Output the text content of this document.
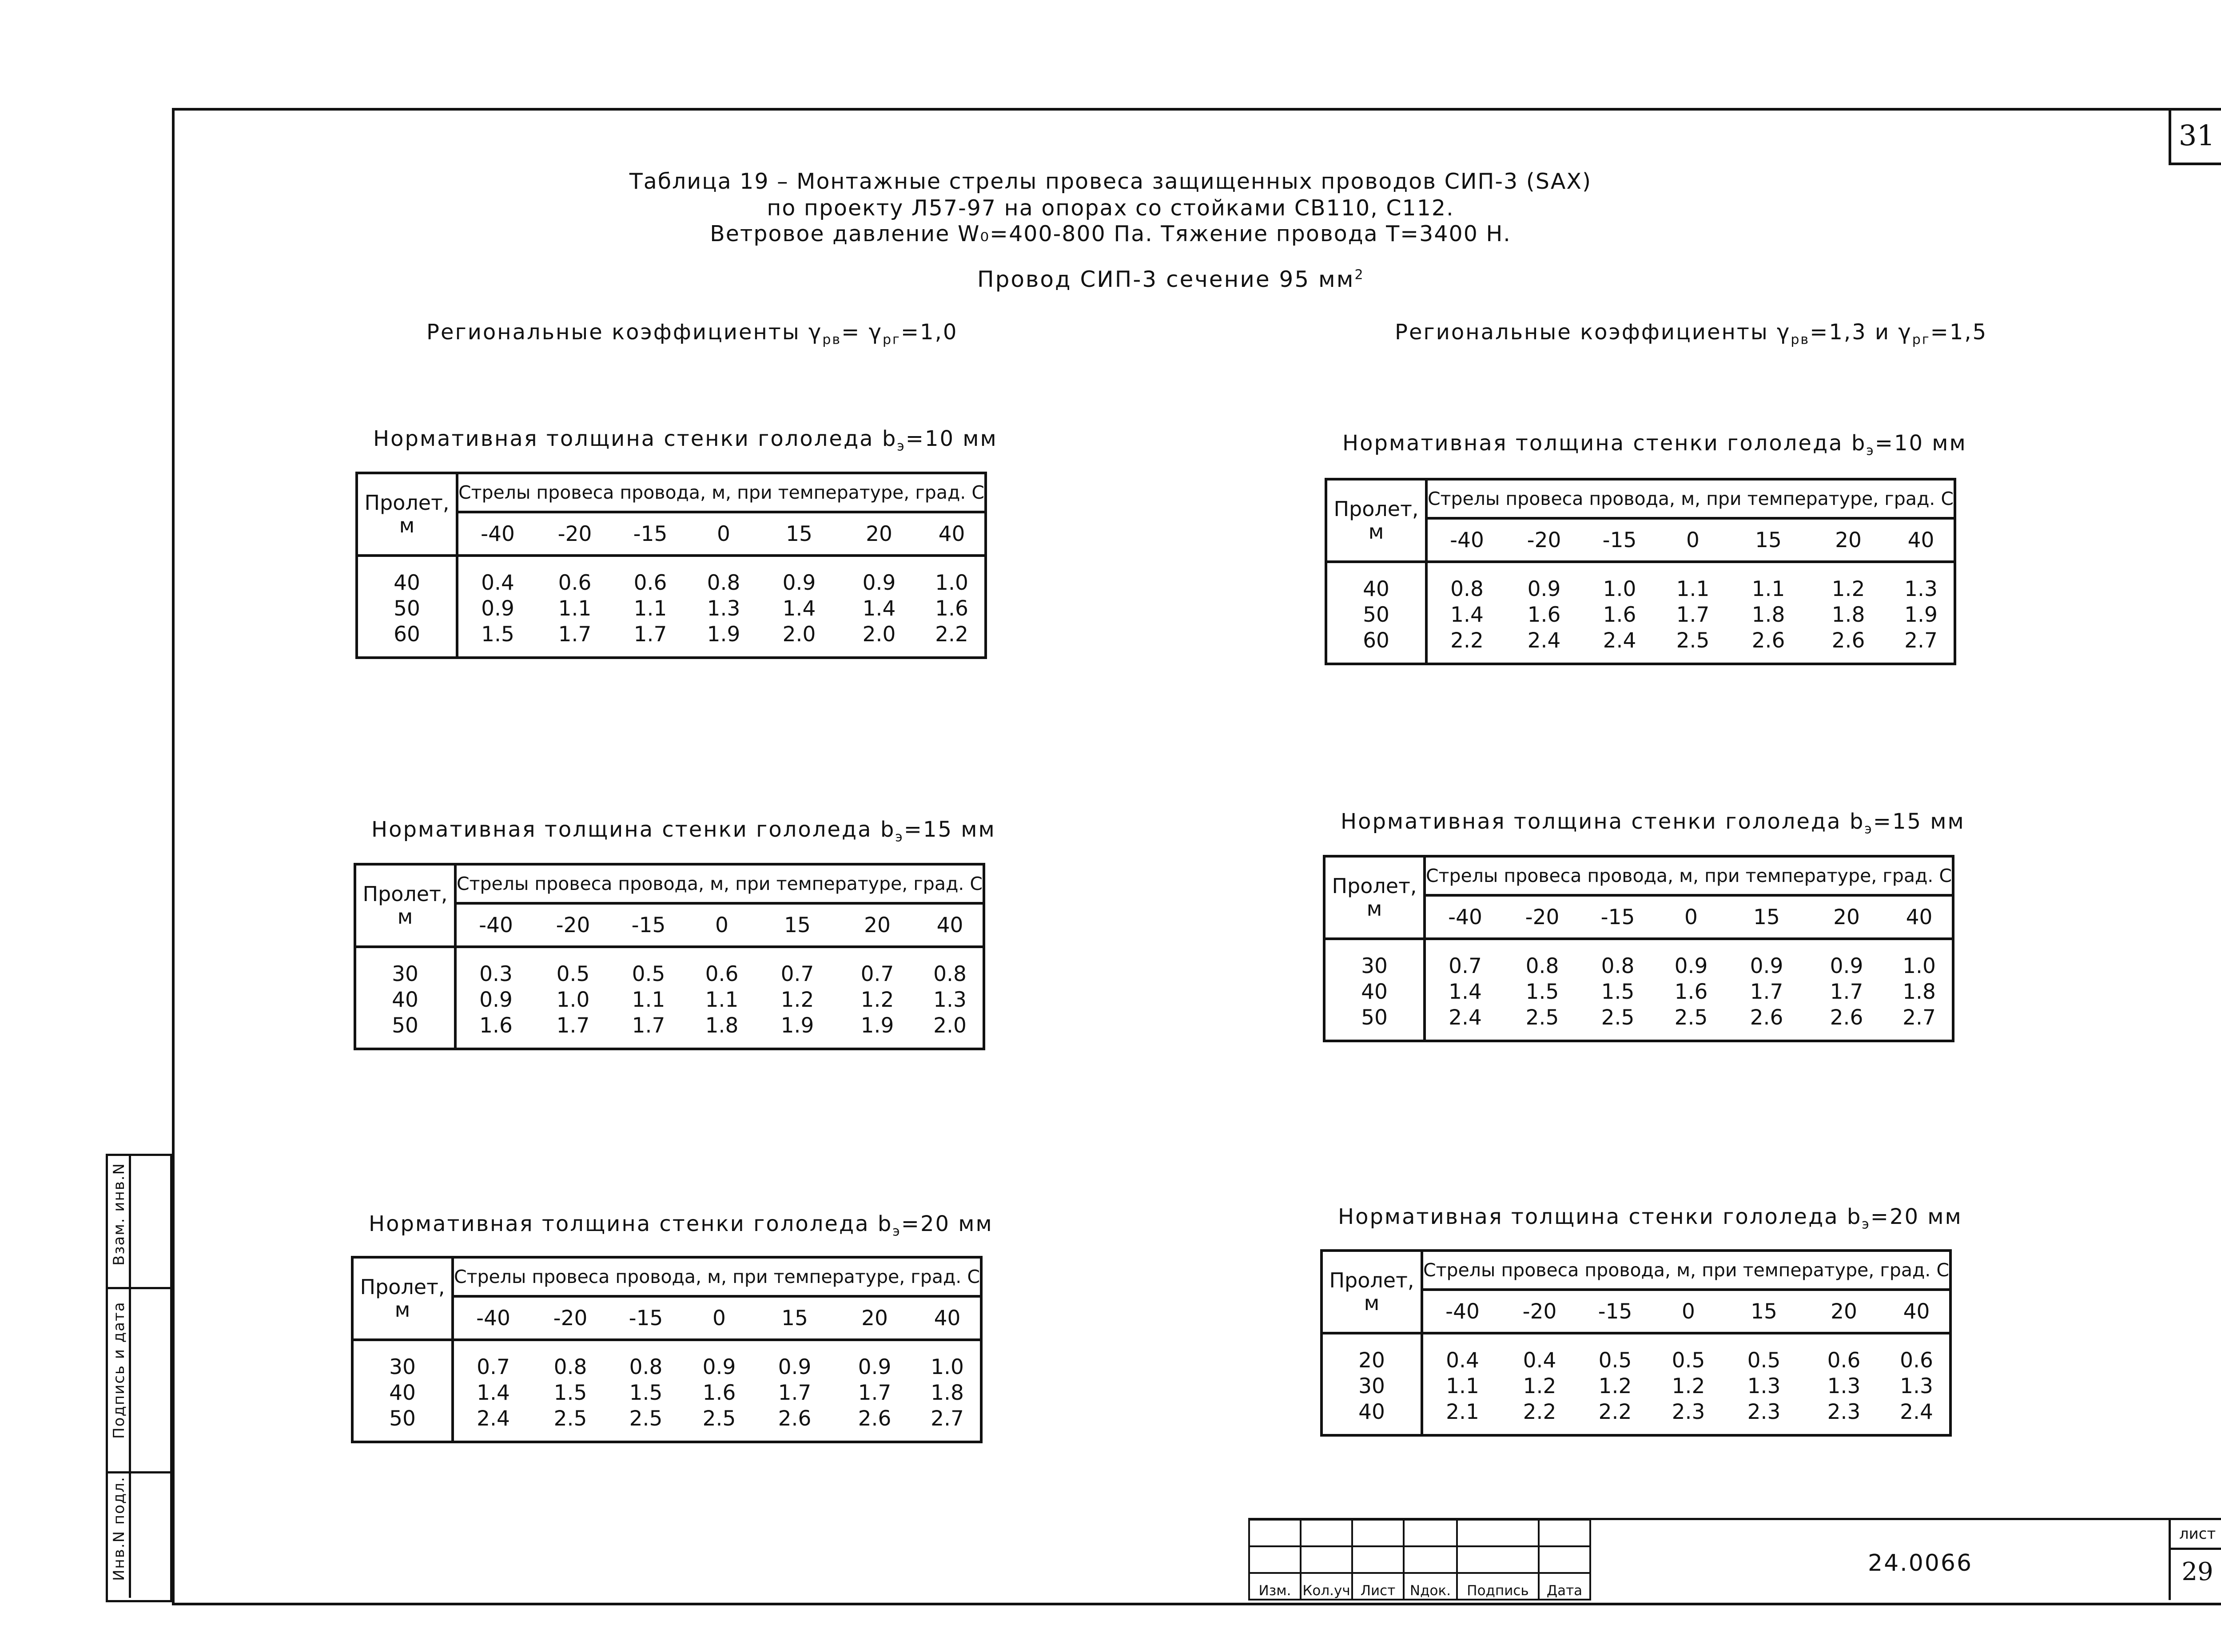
31
Таблица 19 – Монтажные стрелы провеса защищенных проводов СИП-3 (SAX)
по проекту Л57-97 на опорах со стойками СВ110, С112.
Ветровое давление W₀=400-800 Па. Тяжение провода Т=3400 Н.
Провод СИП-3 сечение 95 $мм^2$
Региональные коэффициенты $\gamma_{рв}= \gamma_{рг}=1,0$	Региональные коэффициенты $\gamma_{рв}=1,3$ и $\gamma_{рг}=1,5$
Нормативная толщина стенки гололеда $b_э=10$ мм
Пролет,
м	Стрелы провеса провода, м, при температуре, град. С						
	-40	-20	-15	0	15	20	40

40	0.4	0.6	0.6	0.8	0.9	0.9	1.0
50	0.9	1.1	1.1	1.3	1.4	1.4	1.6
60	1.5	1.7	1.7	1.9	2.0	2.0	2.2

Нормативная толщина стенки гололеда $b_э=15$ мм
Пролет,
м	Стрелы провеса провода, м, при температуре, град. С						
	-40	-20	-15	0	15	20	40

30	0.3	0.5	0.5	0.6	0.7	0.7	0.8
40	0.9	1.0	1.1	1.1	1.2	1.2	1.3
50	1.6	1.7	1.7	1.8	1.9	1.9	2.0

Нормативная толщина стенки гололеда $b_э=20$ мм
Пролет,
м	Стрелы провеса провода, м, при температуре, град. С						
	-40	-20	-15	0	15	20	40

30	0.7	0.8	0.8	0.9	0.9	0.9	1.0
40	1.4	1.5	1.5	1.6	1.7	1.7	1.8
50	2.4	2.5	2.5	2.5	2.6	2.6	2.7

Нормативная толщина стенки гололеда $b_э=10$ мм
Пролет,
м	Стрелы провеса провода, м, при температуре, град. С						
	-40	-20	-15	0	15	20	40

40	0.8	0.9	1.0	1.1	1.1	1.2	1.3
50	1.4	1.6	1.6	1.7	1.8	1.8	1.9
60	2.2	2.4	2.4	2.5	2.6	2.6	2.7

Нормативная толщина стенки гололеда $b_э=15$ мм
Пролет,
м	Стрелы провеса провода, м, при температуре, град. С						
	-40	-20	-15	0	15	20	40

30	0.7	0.8	0.8	0.9	0.9	0.9	1.0
40	1.4	1.5	1.5	1.6	1.7	1.7	1.8
50	2.4	2.5	2.5	2.5	2.6	2.6	2.7

Нормативная толщина стенки гололеда $b_э=20$ мм
Пролет,
м	Стрелы провеса провода, м, при температуре, град. С						
	-40	-20	-15	0	15	20	40

20	0.4	0.4	0.5	0.5	0.5	0.6	0.6
30	1.1	1.2	1.2	1.2	1.3	1.3	1.3
40	2.1	2.2	2.2	2.3	2.3	2.3	2.4

Взам. инв.N
Подпись и дата
Инв.N подл.

Изм.	Кол.уч	Лист	Nдок.	Подпись	Дата
24.0066
лист
29
